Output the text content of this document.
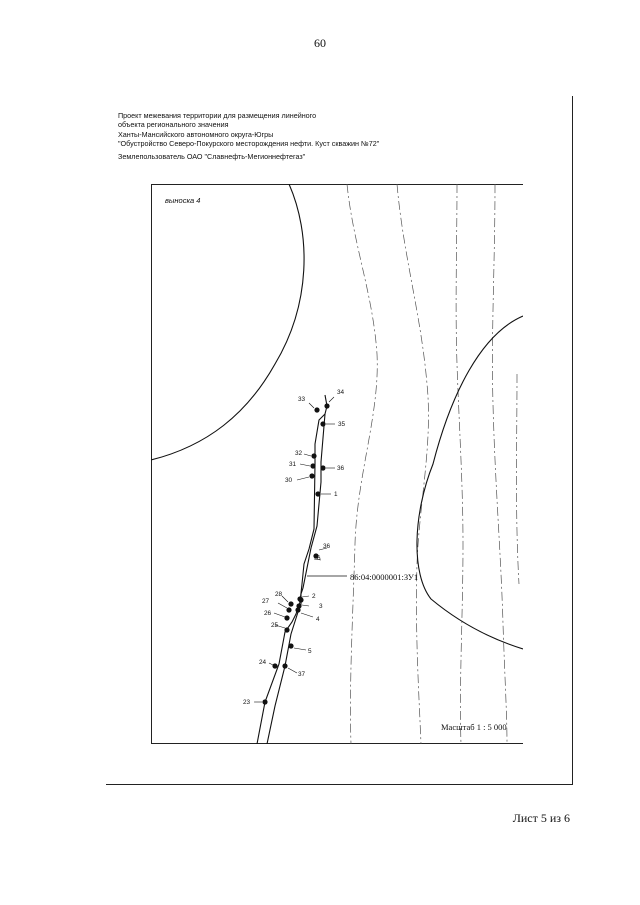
60
Проект межевания территории для размещения линейного
объекта регионального значения
Ханты-Мансийского автономного округа-Югры
"Обустройство Северо-Покурского месторождения нефти. Куст скважин №72"
Землепользователь ОАО "Славнефть-Мегионнефтегаз"
86:04:0000001:ЗУ1
выноска 4
Масштаб 1 : 5 000
33
34
35
32
31
36
30
1
36
6
28	2
27
3
26
4
25
5
24
37
23
Лист 5 из 6
